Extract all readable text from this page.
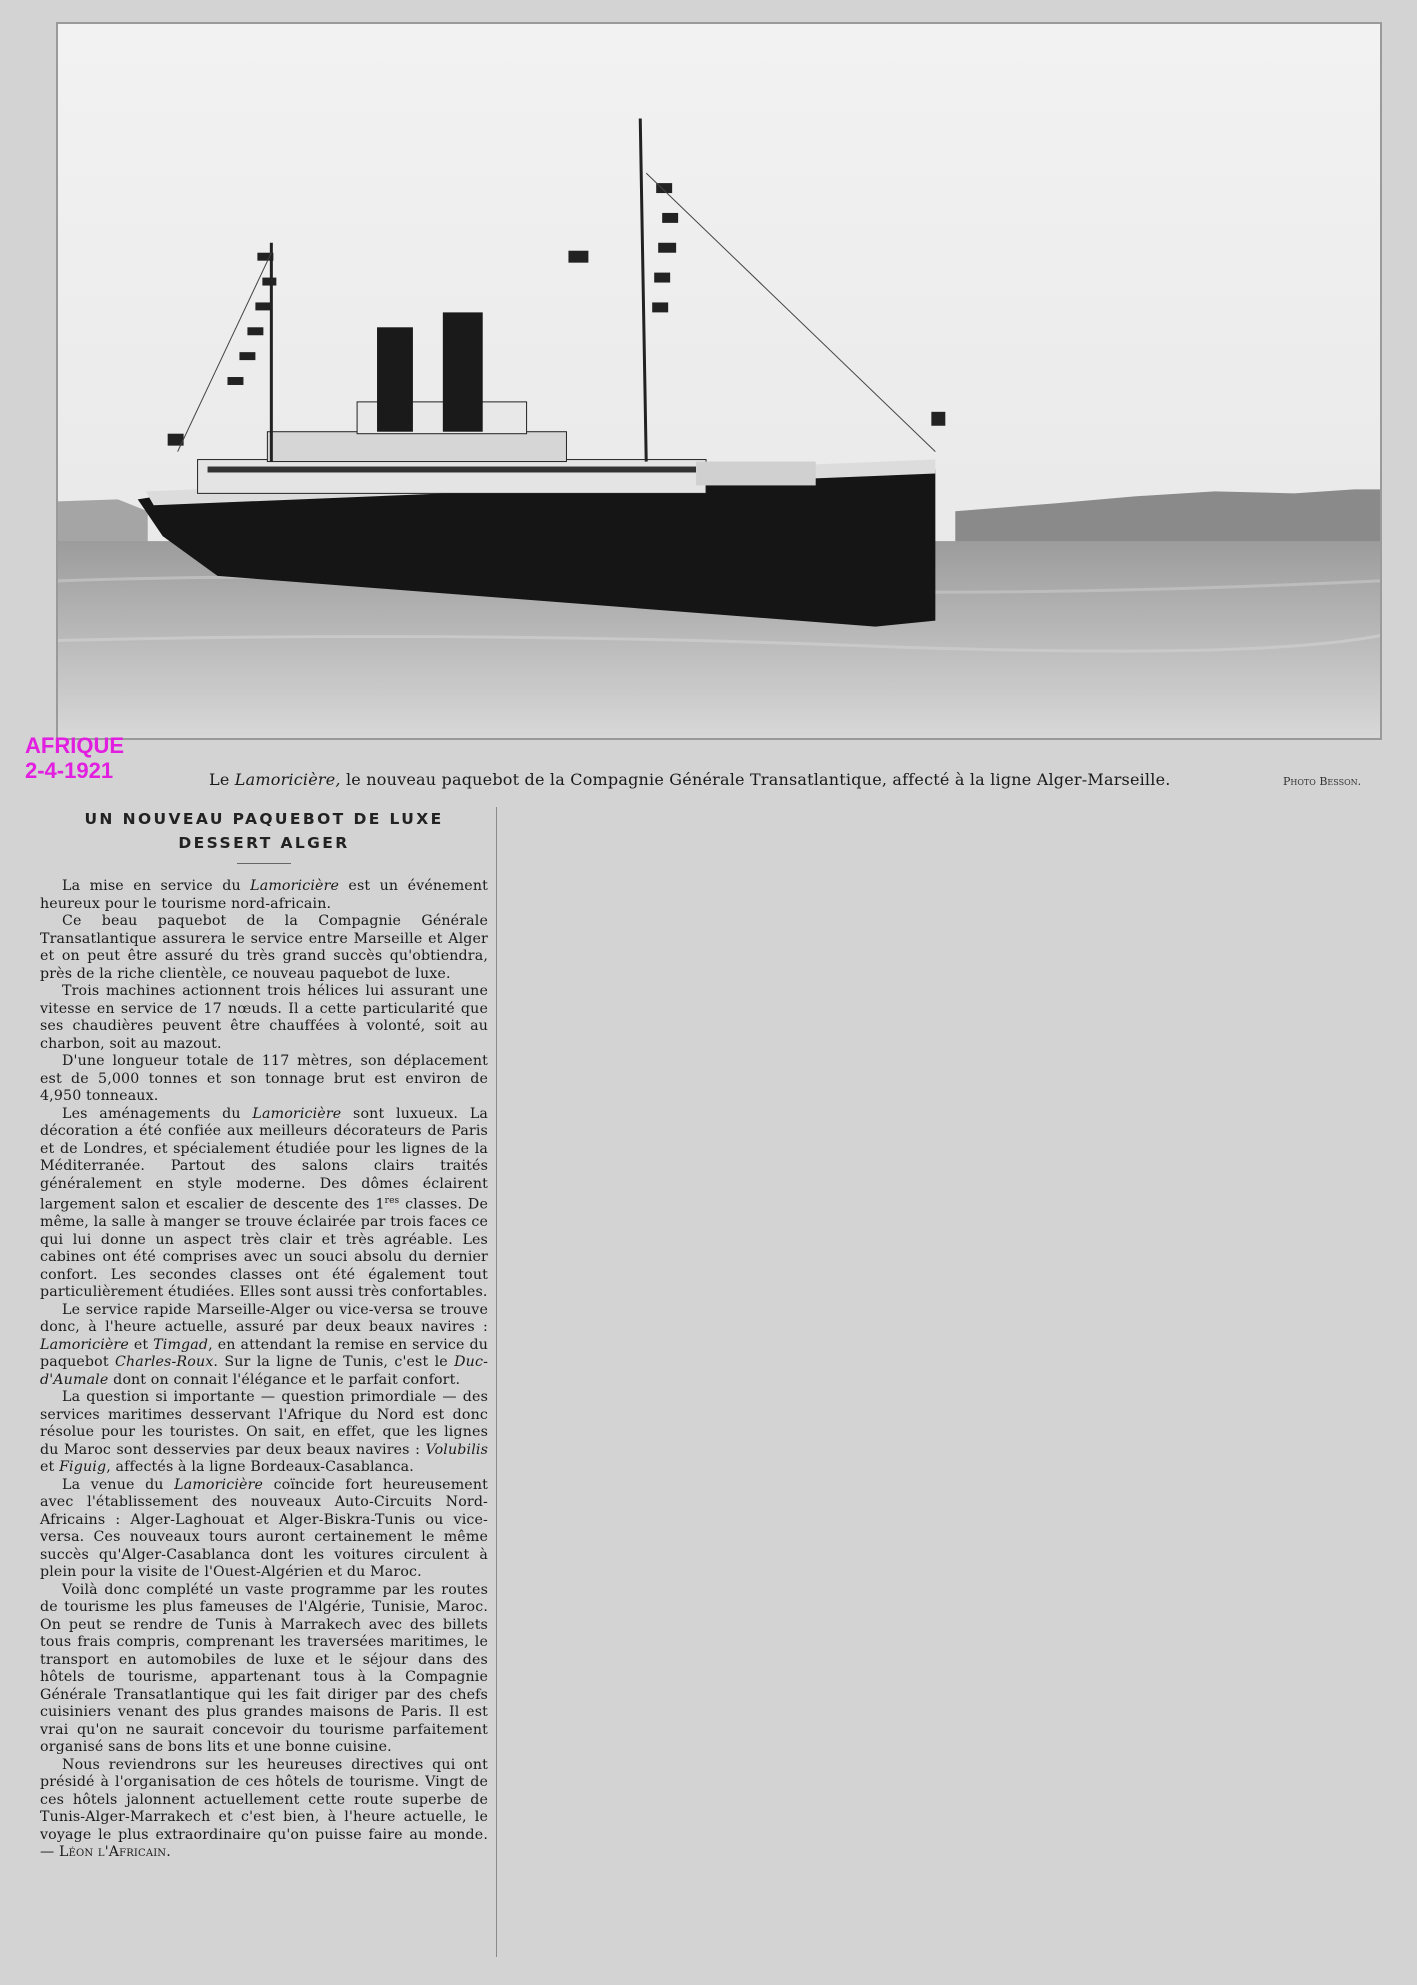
AFRIQUE
2-4-1921	Le Lamoricière, le nouveau paquebot de la Compagnie Générale Transatlantique, affecté à la ligne Alger-Marseille.	Photo Besson.
UN NOUVEAU PAQUEBOT DE LUXE
DESSERT ALGER

La mise en service du Lamoricière est un événement heureux pour le tourisme nord-africain.

Ce beau paquebot de la Compagnie Générale Transatlantique assurera le service entre Marseille et Alger et on peut être assuré du très grand succès qu'obtiendra, près de la riche clientèle, ce nouveau paquebot de luxe.

Trois machines actionnent trois hélices lui assurant une vitesse en service de 17 nœuds. Il a cette particularité que ses chaudières peuvent être chauffées à volonté, soit au charbon, soit au mazout.

D'une longueur totale de 117 mètres, son déplacement est de 5,000 tonnes et son tonnage brut est environ de 4,950 tonneaux.

Les aménagements du Lamoricière sont luxueux. La décoration a été confiée aux meilleurs décorateurs de Paris et de Londres, et spécialement étudiée pour les lignes de la Méditerranée. Partout des salons clairs traités généralement en style moderne. Des dômes éclairent largement salon et escalier de descente des 1res classes. De même, la salle à manger se trouve éclairée par trois faces ce qui lui donne un aspect très clair et très agréable. Les cabines ont été comprises avec un souci absolu du dernier confort. Les secondes classes ont été également tout particulièrement étudiées. Elles sont aussi très confortables.

Le service rapide Marseille-Alger ou vice-versa se trouve donc, à l'heure actuelle, assuré par deux beaux navires : Lamoricière et Timgad, en attendant la remise en service du paquebot Charles-Roux. Sur la ligne de Tunis, c'est le Duc-d'Aumale dont on connait l'élégance et le parfait confort.

La question si importante — question primordiale — des services maritimes desservant l'Afrique du Nord est donc résolue pour les touristes. On sait, en effet, que les lignes du Maroc sont desservies par deux beaux navires : Volubilis et Figuig, affectés à la ligne Bordeaux-Casablanca.

La venue du Lamoricière coïncide fort heureusement avec l'établissement des nouveaux Auto-Circuits Nord-Africains : Alger-Laghouat et Alger-Biskra-Tunis ou vice-versa. Ces nouveaux tours auront certainement le même succès qu'Alger-Casablanca dont les voitures circulent à plein pour la visite de l'Ouest-Algérien et du Maroc.

Voilà donc complété un vaste programme par les routes de tourisme les plus fameuses de l'Algérie, Tunisie, Maroc. On peut se rendre de Tunis à Marrakech avec des billets tous frais compris, comprenant les traversées maritimes, le transport en automobiles de luxe et le séjour dans des hôtels de tourisme, appartenant tous à la Compagnie Générale Transatlantique qui les fait diriger par des chefs cuisiniers venant des plus grandes maisons de Paris. Il est vrai qu'on ne saurait concevoir du tourisme parfaitement organisé sans de bons lits et une bonne cuisine.

Nous reviendrons sur les heureuses directives qui ont présidé à l'organisation de ces hôtels de tourisme. Vingt de ces hôtels jalonnent actuellement cette route superbe de Tunis-Alger-Marrakech et c'est bien, à l'heure actuelle, le voyage le plus extraordinaire qu'on puisse faire au monde. — Léon l'Africain.
